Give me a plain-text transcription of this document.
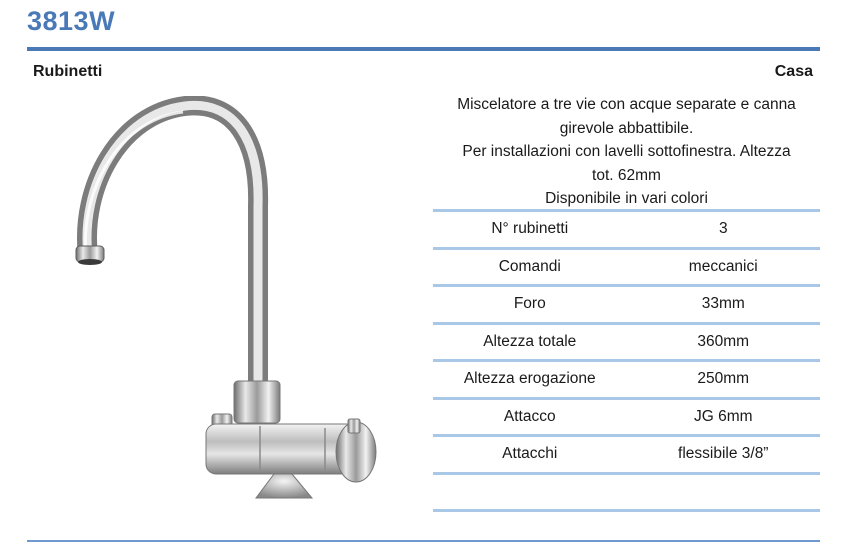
3813W
Rubinetti	Casa
Miscelatore a tre vie con acque separate e canna
girevole abbattibile.
Per installazioni con lavelli sottofinestra. Altezza
tot. 62mm
Disponibile in vari colori
N° rubinetti	3
Comandi	meccanici
Foro	33mm
Altezza totale	360mm
Altezza erogazione	250mm
Attacco	JG 6mm
Attacchi	flessibile 3/8”
